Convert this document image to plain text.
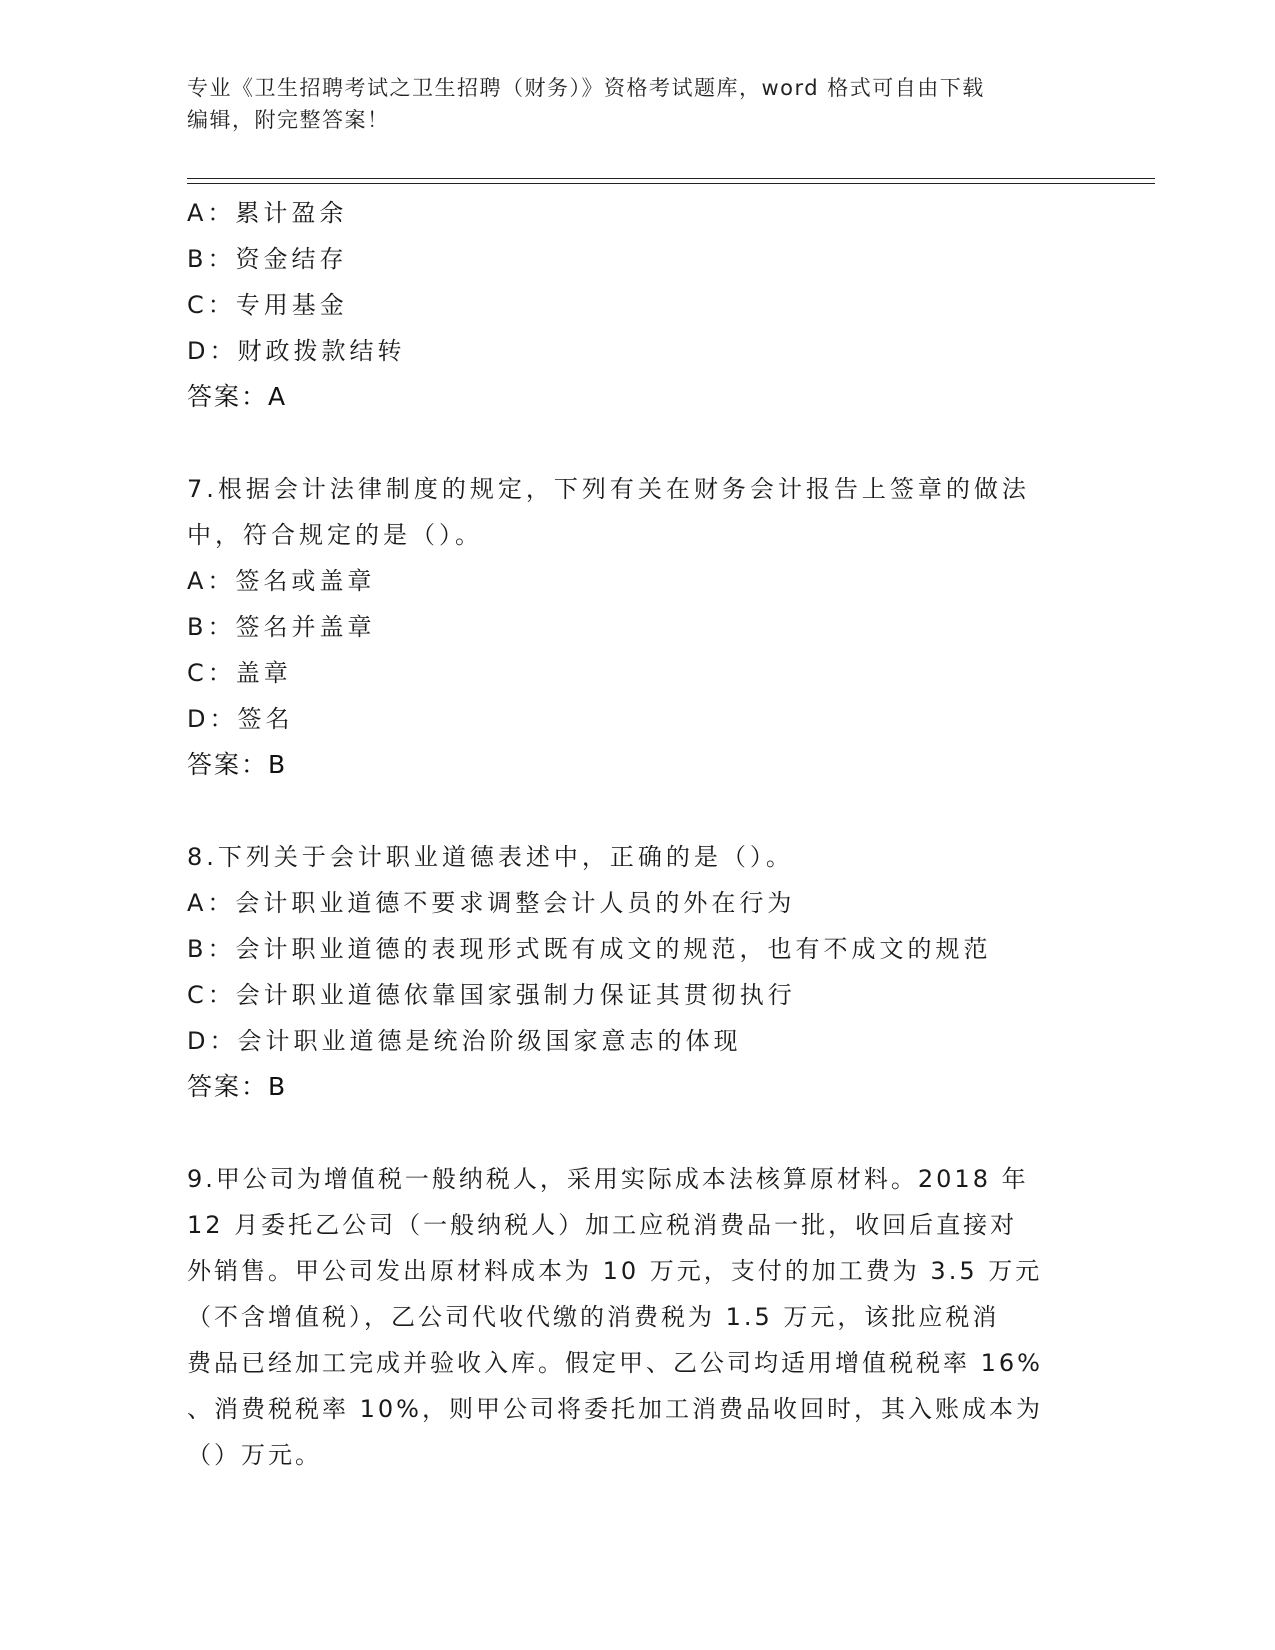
专业《卫生招聘考试之卫生招聘（财务）》资格考试题库，word 格式可自由下载
编辑，附完整答案！
A：累计盈余
B：资金结存
C：专用基金
D：财政拨款结转
答案：A
7.根据会计法律制度的规定，下列有关在财务会计报告上签章的做法
中，符合规定的是（）。
A：签名或盖章
B：签名并盖章
C：盖章
D：签名
答案：B
8.下列关于会计职业道德表述中，正确的是（）。
A：会计职业道德不要求调整会计人员的外在行为
B：会计职业道德的表现形式既有成文的规范，也有不成文的规范
C：会计职业道德依靠国家强制力保证其贯彻执行
D：会计职业道德是统治阶级国家意志的体现
答案：B
9.甲公司为增值税一般纳税人，采用实际成本法核算原材料。2018 年
12 月委托乙公司（一般纳税人）加工应税消费品一批，收回后直接对
外销售。甲公司发出原材料成本为 10 万元，支付的加工费为 3.5 万元
（不含增值税），乙公司代收代缴的消费税为 1.5 万元，该批应税消
费品已经加工完成并验收入库。假定甲、乙公司均适用增值税税率 16%
、消费税税率 10%，则甲公司将委托加工消费品收回时，其入账成本为
（）万元。
